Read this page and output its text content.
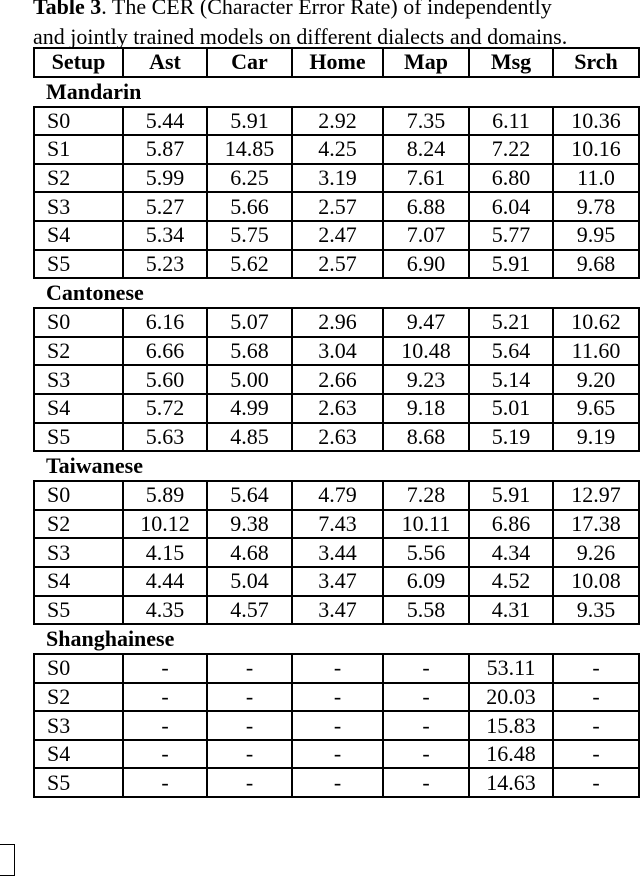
Table 3. The CER (Character Error Rate) of independently
and jointly trained models on different dialects and domains.
Setup	Ast	Car	Home	Map	Msg	Srch
Mandarin						
S0	5.44	5.91	2.92	7.35	6.11	10.36
S1	5.87	14.85	4.25	8.24	7.22	10.16
S2	5.99	6.25	3.19	7.61	6.80	11.0
S3	5.27	5.66	2.57	6.88	6.04	9.78
S4	5.34	5.75	2.47	7.07	5.77	9.95
S5	5.23	5.62	2.57	6.90	5.91	9.68
Cantonese						
S0	6.16	5.07	2.96	9.47	5.21	10.62
S2	6.66	5.68	3.04	10.48	5.64	11.60
S3	5.60	5.00	2.66	9.23	5.14	9.20
S4	5.72	4.99	2.63	9.18	5.01	9.65
S5	5.63	4.85	2.63	8.68	5.19	9.19
Taiwanese						
S0	5.89	5.64	4.79	7.28	5.91	12.97
S2	10.12	9.38	7.43	10.11	6.86	17.38
S3	4.15	4.68	3.44	5.56	4.34	9.26
S4	4.44	5.04	3.47	6.09	4.52	10.08
S5	4.35	4.57	3.47	5.58	4.31	9.35
Shanghainese						
S0	-	-	-	-	53.11	-
S2	-	-	-	-	20.03	-
S3	-	-	-	-	15.83	-
S4	-	-	-	-	16.48	-
S5	-	-	-	-	14.63	-
